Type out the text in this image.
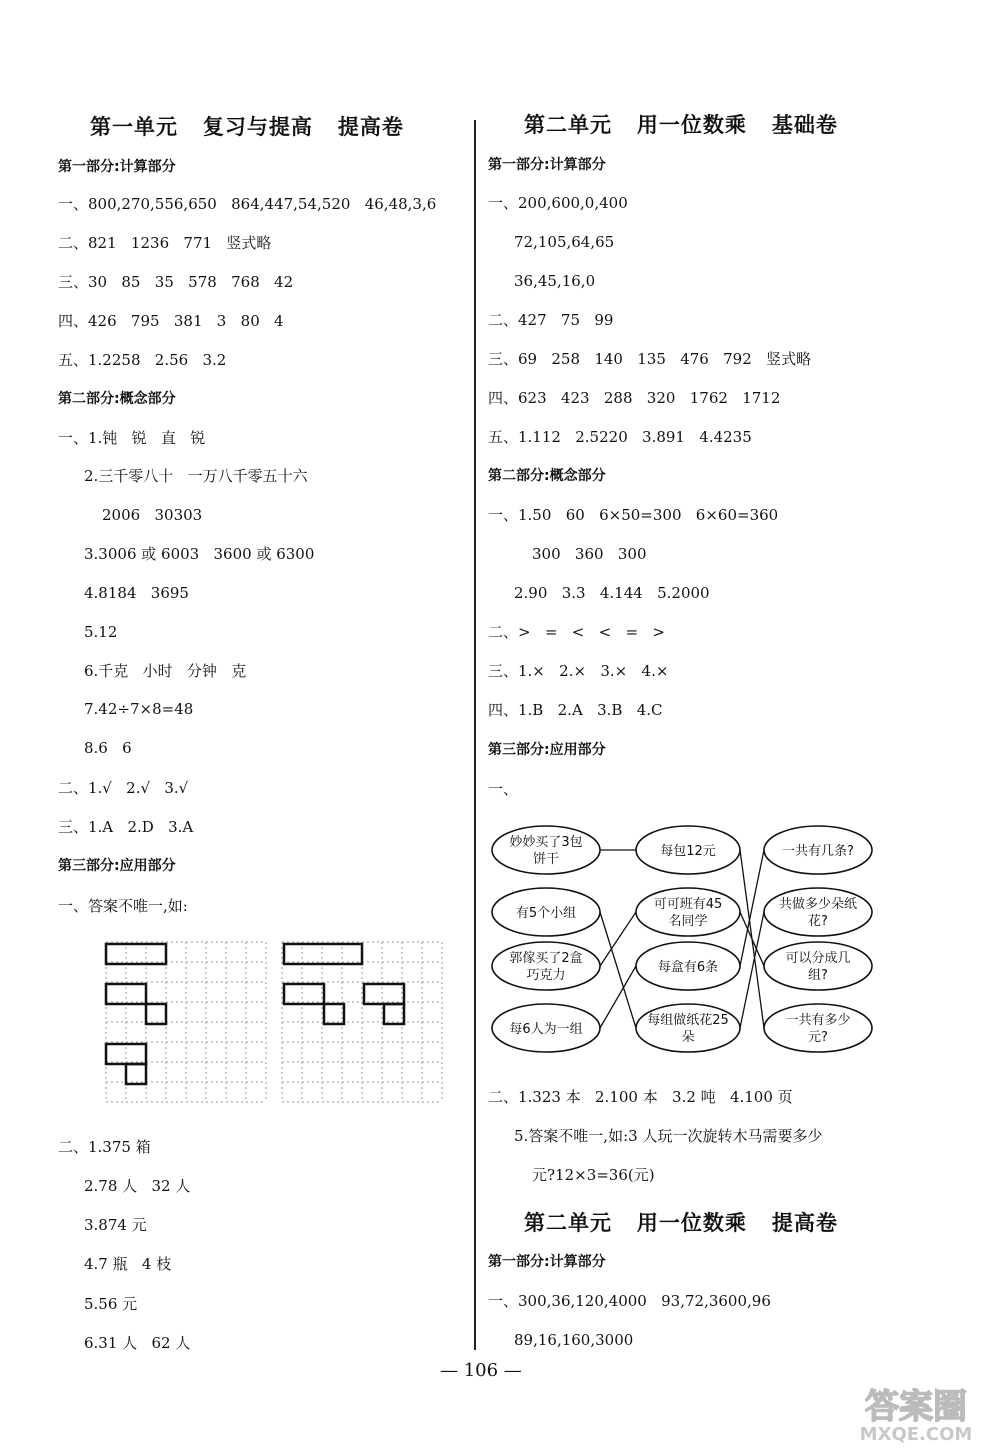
第一单元   复习与提高   提高卷
第一部分:计算部分
一、800,270,556,650   864,447,54,520   46,48,3,6
二、821   1236   771   竖式略
三、30   85   35   578   768   42
四、426   795   381   3   80   4
五、1.2258   2.56   3.2
第二部分:概念部分
一、1.钝   锐   直   锐
2.三千零八十   一万八千零五十六
2006   30303
3.3006 或 6003   3600 或 6300
4.8184   3695
5.12
6.千克   小时   分钟   克
7.42÷7×8=48
8.6   6
二、1.√   2.√   3.√
三、1.A   2.D   3.A
第三部分:应用部分
一、答案不唯一,如:
二、1.375 箱
2.78 人   32 人
3.874 元
4.7 瓶   4 枝
5.56 元
6.31 人   62 人
第二单元   用一位数乘   基础卷
第一部分:计算部分
一、200,600,0,400
72,105,64,65
36,45,16,0
二、427   75   99
三、69   258   140   135   476   792   竖式略
四、623   423   288   320   1762   1712
五、1.112   2.5220   3.891   4.4235
第二部分:概念部分
一、1.50   60   6×50=300   6×60=360
300   360   300
2.90   3.3   4.144   5.2000
二、>   =   <   <   =   >
三、1.×   2.×   3.×   4.×
四、1.B   2.A   3.B   4.C
第三部分:应用部分
一、
妙妙买了3包
饼干
有5个小组
郭傢买了2盒
巧克力
每6人为一组
每包12元
可可班有45
名同学
每盒有6条
每组做纸花25
朵
一共有几条?
共做多少朵纸
花?
可以分成几
组?
一共有多少
元?
二、1.323 本   2.100 本   3.2 吨   4.100 页
5.答案不唯一,如:3 人玩一次旋转木马需要多少
元?12×3=36(元)
第二单元   用一位数乘   提高卷
第一部分:计算部分
一、300,36,120,4000   93,72,3600,96
89,16,160,3000
— 106 —
答案圈
MXQE.COM
